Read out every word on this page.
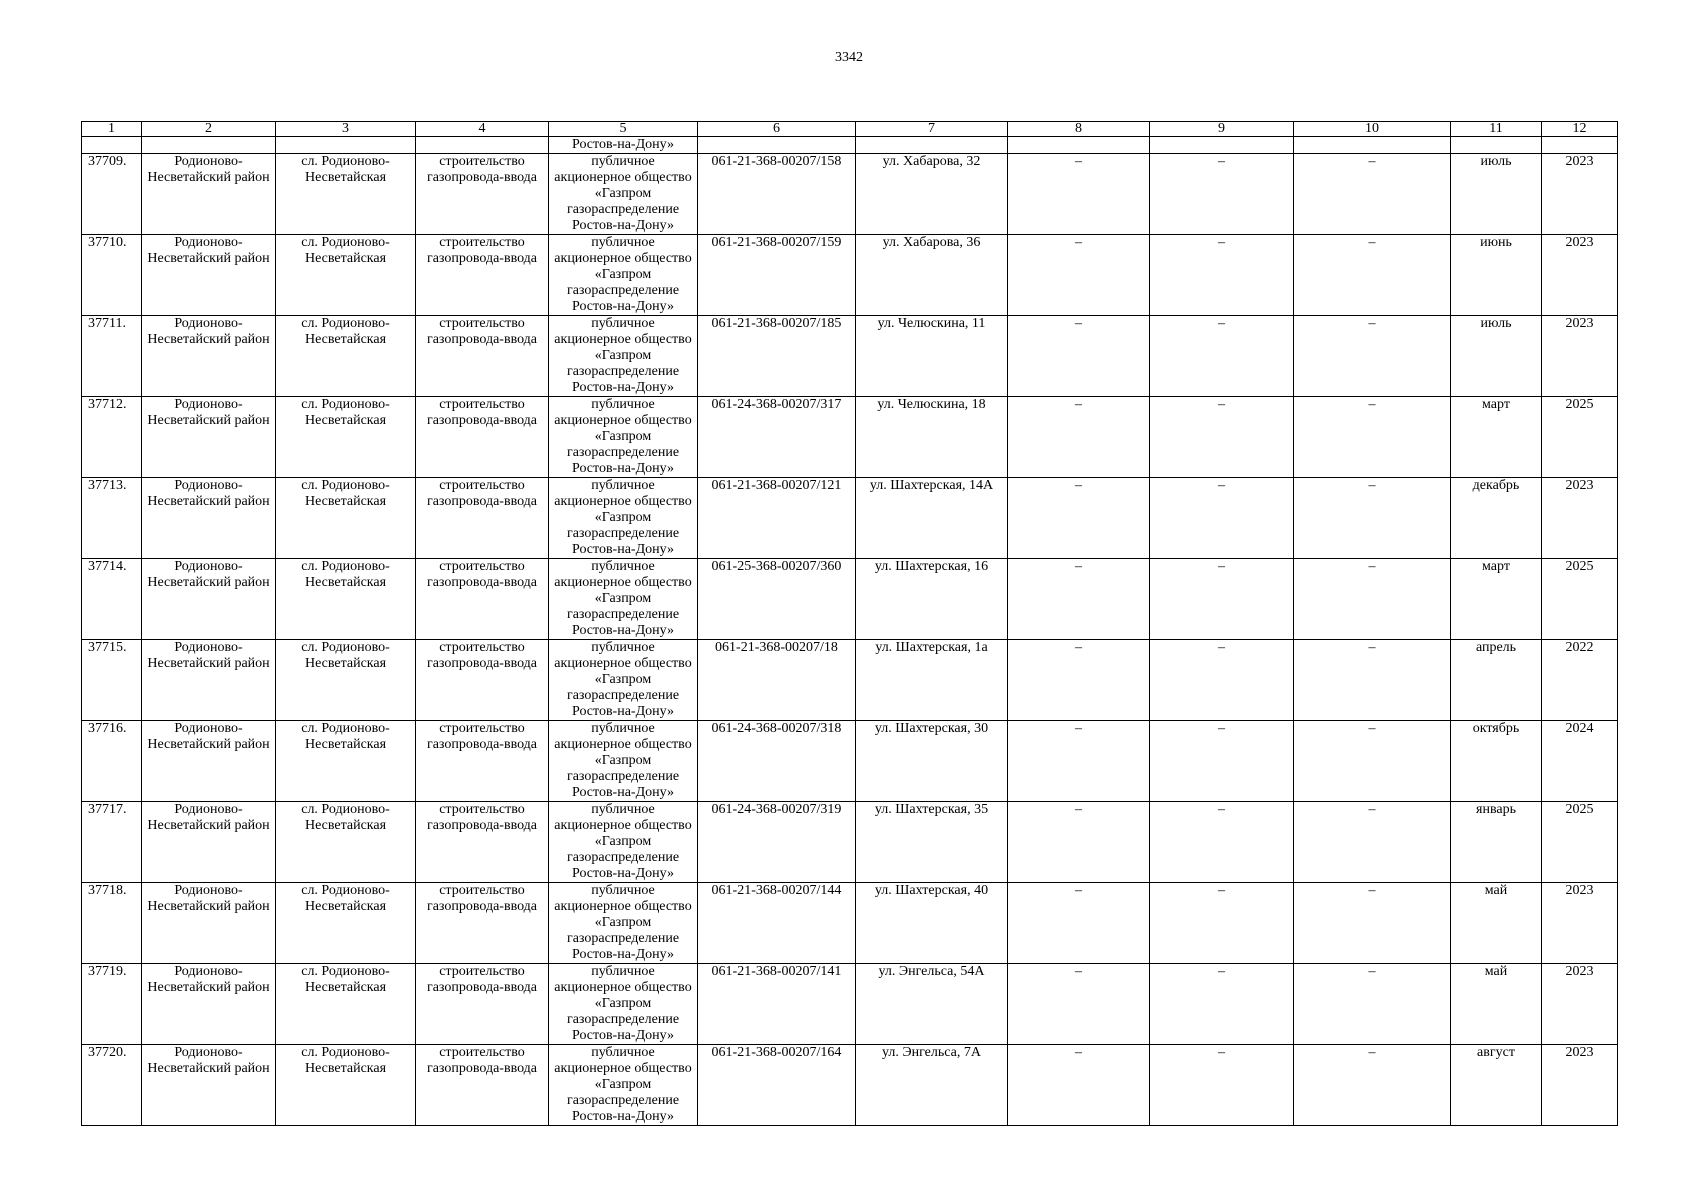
3342
1	2	3	4	5	6	7	8	9	10	11	12
				Ростов-на-Дону»							
37709.	Родионово-Несветайский район	сл. Родионово-Несветайская	строительство газопровода-ввода	публичное акционерное общество «Газпром газораспределение Ростов-на-Дону»	061-21-368-00207/158	ул. Хабарова, 32	–	–	–	июль	2023
37710.	Родионово-Несветайский район	сл. Родионово-Несветайская	строительство газопровода-ввода	публичное акционерное общество «Газпром газораспределение Ростов-на-Дону»	061-21-368-00207/159	ул. Хабарова, 36	–	–	–	июнь	2023
37711.	Родионово-Несветайский район	сл. Родионово-Несветайская	строительство газопровода-ввода	публичное акционерное общество «Газпром газораспределение Ростов-на-Дону»	061-21-368-00207/185	ул. Челюскина, 11	–	–	–	июль	2023
37712.	Родионово-Несветайский район	сл. Родионово-Несветайская	строительство газопровода-ввода	публичное акционерное общество «Газпром газораспределение Ростов-на-Дону»	061-24-368-00207/317	ул. Челюскина, 18	–	–	–	март	2025
37713.	Родионово-Несветайский район	сл. Родионово-Несветайская	строительство газопровода-ввода	публичное акционерное общество «Газпром газораспределение Ростов-на-Дону»	061-21-368-00207/121	ул. Шахтерская, 14А	–	–	–	декабрь	2023
37714.	Родионово-Несветайский район	сл. Родионово-Несветайская	строительство газопровода-ввода	публичное акционерное общество «Газпром газораспределение Ростов-на-Дону»	061-25-368-00207/360	ул. Шахтерская, 16	–	–	–	март	2025
37715.	Родионово-Несветайский район	сл. Родионово-Несветайская	строительство газопровода-ввода	публичное акционерное общество «Газпром газораспределение Ростов-на-Дону»	061-21-368-00207/18	ул. Шахтерская, 1а	–	–	–	апрель	2022
37716.	Родионово-Несветайский район	сл. Родионово-Несветайская	строительство газопровода-ввода	публичное акционерное общество «Газпром газораспределение Ростов-на-Дону»	061-24-368-00207/318	ул. Шахтерская, 30	–	–	–	октябрь	2024
37717.	Родионово-Несветайский район	сл. Родионово-Несветайская	строительство газопровода-ввода	публичное акционерное общество «Газпром газораспределение Ростов-на-Дону»	061-24-368-00207/319	ул. Шахтерская, 35	–	–	–	январь	2025
37718.	Родионово-Несветайский район	сл. Родионово-Несветайская	строительство газопровода-ввода	публичное акционерное общество «Газпром газораспределение Ростов-на-Дону»	061-21-368-00207/144	ул. Шахтерская, 40	–	–	–	май	2023
37719.	Родионово-Несветайский район	сл. Родионово-Несветайская	строительство газопровода-ввода	публичное акционерное общество «Газпром газораспределение Ростов-на-Дону»	061-21-368-00207/141	ул. Энгельса, 54А	–	–	–	май	2023
37720.	Родионово-Несветайский район	сл. Родионово-Несветайская	строительство газопровода-ввода	публичное акционерное общество «Газпром газораспределение Ростов-на-Дону»	061-21-368-00207/164	ул. Энгельса, 7А	–	–	–	август	2023
